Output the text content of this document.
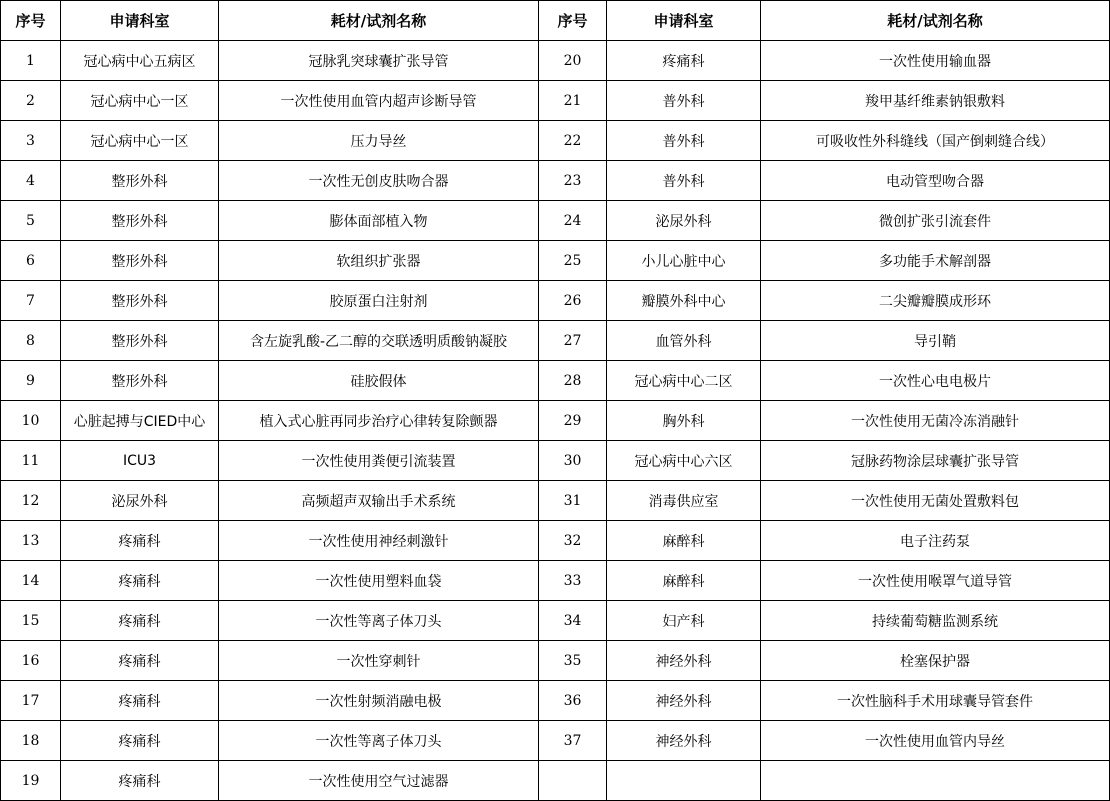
序号	申请科室	耗材/试剂名称	序号	申请科室	耗材/试剂名称
1	冠心病中心五病区	冠脉乳突球囊扩张导管	20	疼痛科	一次性使用输血器
2	冠心病中心一区	一次性使用血管内超声诊断导管	21	普外科	羧甲基纤维素钠银敷料
3	冠心病中心一区	压力导丝	22	普外科	可吸收性外科缝线（国产倒刺缝合线）
4	整形外科	一次性无创皮肤吻合器	23	普外科	电动管型吻合器
5	整形外科	膨体面部植入物	24	泌尿外科	微创扩张引流套件
6	整形外科	软组织扩张器	25	小儿心脏中心	多功能手术解剖器
7	整形外科	胶原蛋白注射剂	26	瓣膜外科中心	二尖瓣瓣膜成形环
8	整形外科	含左旋乳酸-乙二醇的交联透明质酸钠凝胶	27	血管外科	导引鞘
9	整形外科	硅胶假体	28	冠心病中心二区	一次性心电电极片
10	心脏起搏与CIED中心	植入式心脏再同步治疗心律转复除颤器	29	胸外科	一次性使用无菌冷冻消融针
11	ICU3	一次性使用粪便引流装置	30	冠心病中心六区	冠脉药物涂层球囊扩张导管
12	泌尿外科	高频超声双输出手术系统	31	消毒供应室	一次性使用无菌处置敷料包
13	疼痛科	一次性使用神经刺激针	32	麻醉科	电子注药泵
14	疼痛科	一次性使用塑料血袋	33	麻醉科	一次性使用喉罩气道导管
15	疼痛科	一次性等离子体刀头	34	妇产科	持续葡萄糖监测系统
16	疼痛科	一次性穿刺针	35	神经外科	栓塞保护器
17	疼痛科	一次性射频消融电极	36	神经外科	一次性脑科手术用球囊导管套件
18	疼痛科	一次性等离子体刀头	37	神经外科	一次性使用血管内导丝
19	疼痛科	一次性使用空气过滤器			
